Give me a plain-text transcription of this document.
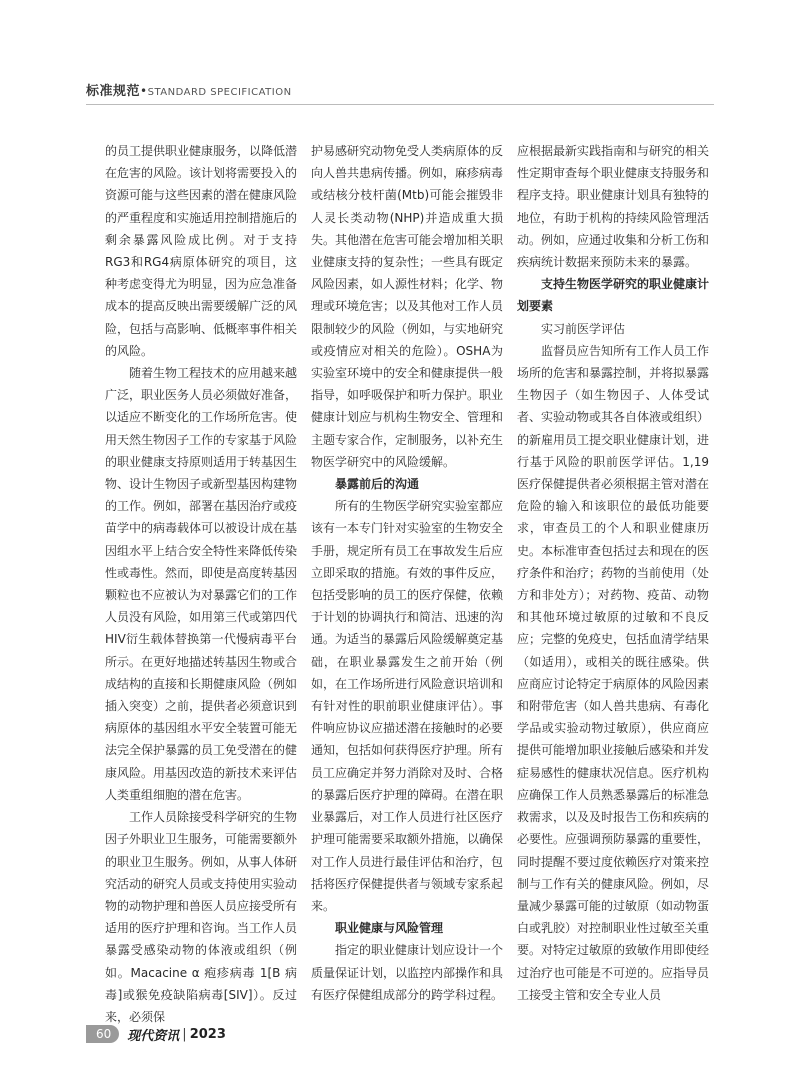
标准规范•STANDARD SPECIFICATION

的员工提供职业健康服务，以降低潜在危害的风险。该计划将需要投入的资源可能与这些因素的潜在健康风险的严重程度和实施适用控制措施后的剩余暴露风险成比例。对于支持RG3和RG4病原体研究的项目，这种考虑变得尤为明显，因为应急准备成本的提高反映出需要缓解广泛的风险，包括与高影响、低概率事件相关的风险。

随着生物工程技术的应用越来越广泛，职业医务人员必须做好准备，以适应不断变化的工作场所危害。使用天然生物因子工作的专家基于风险的职业健康支持原则适用于转基因生物、设计生物因子或新型基因构建物的工作。例如，部署在基因治疗或疫苗学中的病毒载体可以被设计成在基因组水平上结合安全特性来降低传染性或毒性。然而，即使是高度转基因颗粒也不应被认为对暴露它们的工作人员没有风险，如用第三代或第四代HIV衍生载体替换第一代慢病毒平台所示。在更好地描述转基因生物或合成结构的直接和长期健康风险（例如插入突变）之前，提供者必须意识到病原体的基因组水平安全装置可能无法完全保护暴露的员工免受潜在的健康风险。用基因改造的新技术来评估人类重组细胞的潜在危害。

工作人员除接受科学研究的生物因子外职业卫生服务，可能需要额外的职业卫生服务。例如，从事人体研究活动的研究人员或支持使用实验动物的动物护理和兽医人员应接受所有适用的医疗护理和咨询。当工作人员暴露受感染动物的体液或组织（例如。Macacine α 疱疹病毒 1[B 病毒]或猴免疫缺陷病毒[SIV]）。反过来，必须保

护易感研究动物免受人类病原体的反向人兽共患病传播。例如，麻疹病毒或结核分枝杆菌(Mtb)可能会摧毁非人灵长类动物(NHP)并造成重大损失。其他潜在危害可能会增加相关职业健康支持的复杂性；一些具有既定风险因素，如人源性材料；化学、物理或环境危害；以及其他对工作人员限制较少的风险（例如，与实地研究或疫情应对相关的危险）。OSHA为实验室环境中的安全和健康提供一般指导，如呼吸保护和听力保护。职业健康计划应与机构生物安全、管理和主题专家合作，定制服务，以补充生物医学研究中的风险缓解。

暴露前后的沟通

所有的生物医学研究实验室都应该有一本专门针对实验室的生物安全手册，规定所有员工在事故发生后应立即采取的措施。有效的事件反应，包括受影响的员工的医疗保健，依赖于计划的协调执行和简洁、迅速的沟通。为适当的暴露后风险缓解奠定基础，在职业暴露发生之前开始（例如，在工作场所进行风险意识培训和有针对性的职前职业健康评估）。事件响应协议应描述潜在接触时的必要通知，包括如何获得医疗护理。所有员工应确定并努力消除对及时、合格的暴露后医疗护理的障碍。在潜在职业暴露后，对工作人员进行社区医疗护理可能需要采取额外措施，以确保对工作人员进行最佳评估和治疗，包括将医疗保健提供者与领域专家系起来。

职业健康与风险管理

指定的职业健康计划应设计一个质量保证计划，以监控内部操作和具有医疗保健组成部分的跨学科过程。

应根据最新实践指南和与研究的相关性定期审查每个职业健康支持服务和程序支持。职业健康计划具有独特的地位，有助于机构的持续风险管理活动。例如，应通过收集和分析工伤和疾病统计数据来预防未来的暴露。

支持生物医学研究的职业健康计划要素

实习前医学评估

监督员应告知所有工作人员工作场所的危害和暴露控制，并将拟暴露生物因子（如生物因子、人体受试者、实验动物或其各自体液或组织）的新雇用员工提交职业健康计划，进行基于风险的职前医学评估。1,19 医疗保健提供者必须根据主管对潜在危险的输入和该职位的最低功能要求，审查员工的个人和职业健康历史。本标准审查包括过去和现在的医疗条件和治疗；药物的当前使用（处方和非处方）；对药物、疫苗、动物和其他环境过敏原的过敏和不良反应；完整的免疫史，包括血清学结果（如适用），或相关的既往感染。供应商应讨论特定于病原体的风险因素和附带危害（如人兽共患病、有毒化学品或实验动物过敏原），供应商应提供可能增加职业接触后感染和并发症易感性的健康状况信息。医疗机构应确保工作人员熟悉暴露后的标准急救需求，以及及时报告工伤和疾病的必要性。应强调预防暴露的重要性，同时提醒不要过度依赖医疗对策来控制与工作有关的健康风险。例如，尽量减少暴露可能的过敏原（如动物蛋白或乳胶）对控制职业性过敏至关重要。对特定过敏原的致敏作用即使经过治疗也可能是不可逆的。应指导员工接受主管和安全专业人员

60	现代资讯 | 2023
